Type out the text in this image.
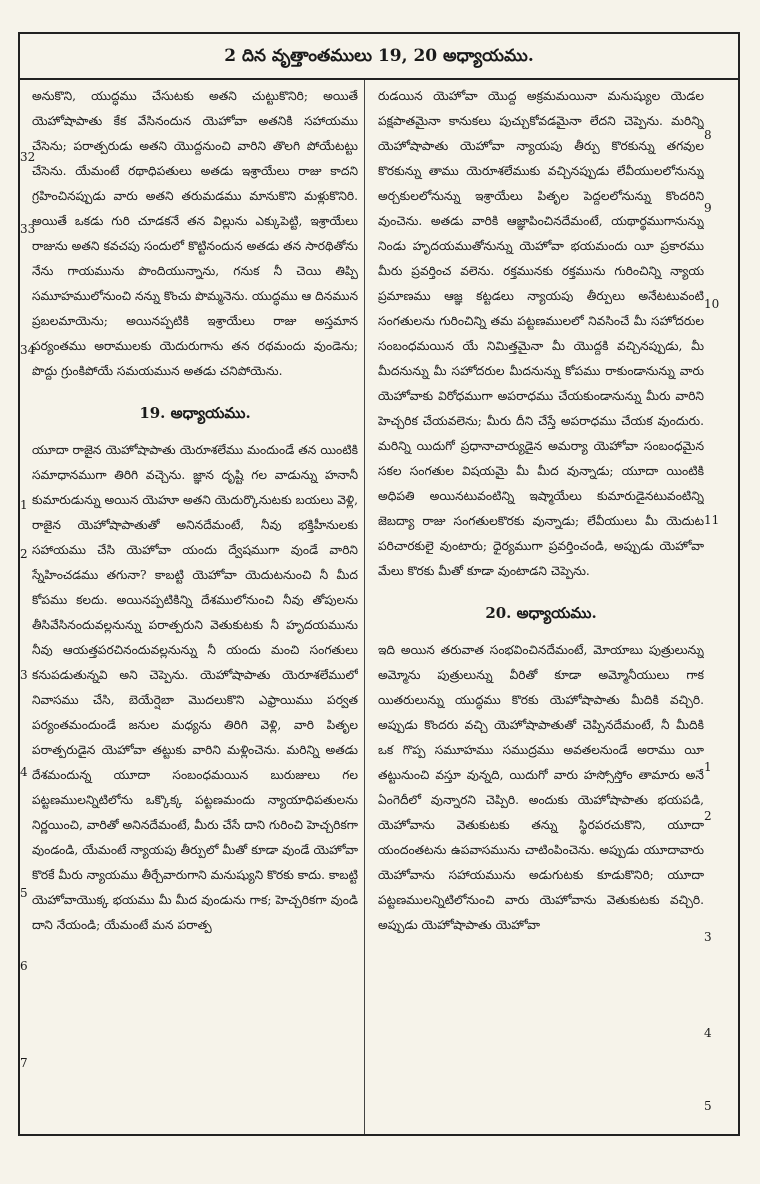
2 దిన వృత్తాంతములు 19, 20 అధ్యాయము.

అనుకొని, యుద్ధము చేసుటకు అతని చుట్టుకొనిరి; అయితే యెహోషాపాతు కేక వేసినందున యెహోవా అతనికి సహాయము చేసెను; పరాత్పరుడు అతని యొద్దనుంచి వారిని తొలగి పోయేటట్టు చేసెను. యేమంటే రథాధిపతులు అతడు ఇశ్రాయేలు రాజు కాదని గ్రహించినప్పుడు వారు అతని తరుమడము మానుకొని మళ్లుకొనిరి. అయితే ఒకడు గురి చూడకనే తన విల్లును ఎక్కుపెట్టి, ఇశ్రాయేలు రాజును అతని కవచపు సందులో కొట్టినందున అతడు తన సారథితోను నేను గాయమును పొందియున్నాను, గనుక నీ చెయి తిప్పి సమూహములోనుంచి నన్ను కొంచు పొమ్మనెను. యుద్ధము ఆ దినమున ప్రబలమాయెను; అయినప్పటికి ఇశ్రాయేలు రాజు అస్తమాన పర్యంతము అరాములకు యెదురుగాను తన రథమందు వుండెను; పొద్దు గ్రుంకిపోయే సమయమున అతడు చనిపోయెను.

19. అధ్యాయము.

యూదా రాజైన యెహోషాపాతు యెరూశలేము మందుండే తన యింటికి సమాధానముగా తిరిగి వచ్చెను. జ్ఞాన దృష్టి గల వాడున్ను హనానీ కుమారుడున్ను అయిన యెహూ అతని యెదుర్కొనుటకు బయలు వెళ్లి, రాజైన యెహోషాపాతుతో అనినదేమంటే, నీవు భక్తిహీనులకు సహాయము చేసి యెహోవా యందు ద్వేషముగా వుండే వారిని స్నేహించడము తగునా? కాబట్టి యెహోవా యెదుటనుంచి నీ మీద కోపము కలదు. అయినప్పటికిన్ని దేశములోనుంచి నీవు తోపులను తీసివేసినందువల్లనున్ను పరాత్పరుని వెతుకుటకు నీ హృదయమును నీవు ఆయత్తపరచినందువల్లనున్ను నీ యందు మంచి సంగతులు కనుపడుతున్నవి అని చెప్పెను. యెహోషాపాతు యెరూశలేములో నివాసము చేసి, బెయేర్షెబా మొదలుకొని ఎఫ్రాయిము పర్వత పర్యంతమందుండే జనుల మధ్యను తిరిగి వెళ్లి, వారి పితృల పరాత్పరుడైన యెహోవా తట్టుకు వారిని మళ్లించెను. మరిన్ని అతడు దేశమందున్న యూదా సంబంధమయిన బురుజులు గల పట్టణములన్నిటిలోను ఒక్కొక్క పట్టణమందు న్యాయాధిపతులను నిర్ణయించి, వారితో అనినదేమంటే, మీరు చేసే దాని గురించి హెచ్చరికగా వుండండి, యేమంటే న్యాయపు తీర్పులో మీతో కూడా వుండే యెహోవా కొరకే మీరు న్యాయము తీర్చేవారుగాని మనుష్యుని కొరకు కాదు. కాబట్టి యెహోవాయొక్క భయము మీ మీద వుండును గాక; హెచ్చరికగా వుండి దాని నేయండి; యేమంటే మన పరాత్ప

రుడయిన యెహోవా యొద్ద అక్రమమయినా మనుష్యుల యెడల పక్షపాతమైనా కానుకలు పుచ్చుకోవడమైనా లేదని చెప్పెను. మరిన్ని యెహోషాపాతు యెహోవా న్యాయపు తీర్పు కొరకున్ను తగవుల కొరకున్ను తాము యెరూశలేముకు వచ్చినప్పుడు లేవీయులలోనున్ను అర్చకులలోనున్ను ఇశ్రాయేలు పితృల పెద్దలలోనున్ను కొందరిని వుంచెను. అతడు వారికి ఆజ్ఞాపించినదేమంటే, యథార్థముగానున్ను నిండు హృదయముతోనున్ను యెహోవా భయమందు యీ ప్రకారము మీరు ప్రవర్తించ వలెను. రక్తమునకు రక్తమును గురించిన్ని న్యాయ ప్రమాణము ఆజ్ఞ కట్టడలు న్యాయపు తీర్పులు అనేటటువంటి సంగతులను గురించిన్ని తమ పట్టణములలో నివసించే మీ సహోదరుల సంబంధమయిన యే నిమిత్తమైనా మీ యొద్దకి వచ్చినప్పుడు, మీ మీదనున్ను మీ సహోదరుల మీదనున్ను కోపము రాకుండానున్ను వారు యెహోవాకు విరోధముగా అపరాధము చేయకుండానున్ను మీరు వారిని హెచ్చరిక చేయవలెను; మీరు దీని చేస్తే అపరాధము చేయక వుందురు. మరిన్ని యిదుగో ప్రధానాచార్యుడైన అమర్యా యెహోవా సంబంధమైన సకల సంగతుల విషయమై మీ మీద వున్నాడు; యూదా యింటికి అధిపతి అయినటువంటిన్ని ఇష్మాయేలు కుమారుడైనటువంటిన్ని జెబద్యా రాజు సంగతులకొరకు వున్నాడు; లేవీయులు మీ యెదుట పరిచారకులై వుంటారు; ధైర్యముగా ప్రవర్తించండి, అప్పుడు యెహోవా మేలు కొరకు మీతో కూడా వుంటాడని చెప్పెను.

20. అధ్యాయము.

ఇది అయిన తరువాత సంభవించినదేమంటే, మోయాబు పుత్రులున్ను అమ్మోను పుత్రులున్ను వీరితో కూడా అమ్మోనీయులు గాక యితరులున్ను యుద్ధము కొరకు యెహోషాపాతు మీదికి వచ్చిరి. అప్పుడు కొందరు వచ్చి యెహోషాపాతుతో చెప్పినదేమంటే, నీ మీదికి ఒక గొప్ప సమూహము సముద్రము అవతలనుండే అరాము యీ తట్టునుంచి వస్తూ వున్నది, యిదుగో వారు హస్సోస్తోం తామారు అనే ఏంగెదీలో వున్నారని చెప్పిరి. అందుకు యెహోషాపాతు భయపడి, యెహోవాను వెతుకుటకు తన్ను స్థిరపరచుకొని, యూదా యందంతటను ఉపవాసమును చాటింపించెను. అప్పుడు యూదావారు యెహోవాను సహాయమును అడుగుటకు కూడుకొనిరి; యూదా పట్టణములన్నిటిలోనుంచి వారు యెహోవాను వెతుకుటకు వచ్చిరి. అప్పుడు యెహోషాపాతు యెహోవా

32
33
34
1
2
3
4
5
6
7
8
9
10
11
1
2
3
4
5
